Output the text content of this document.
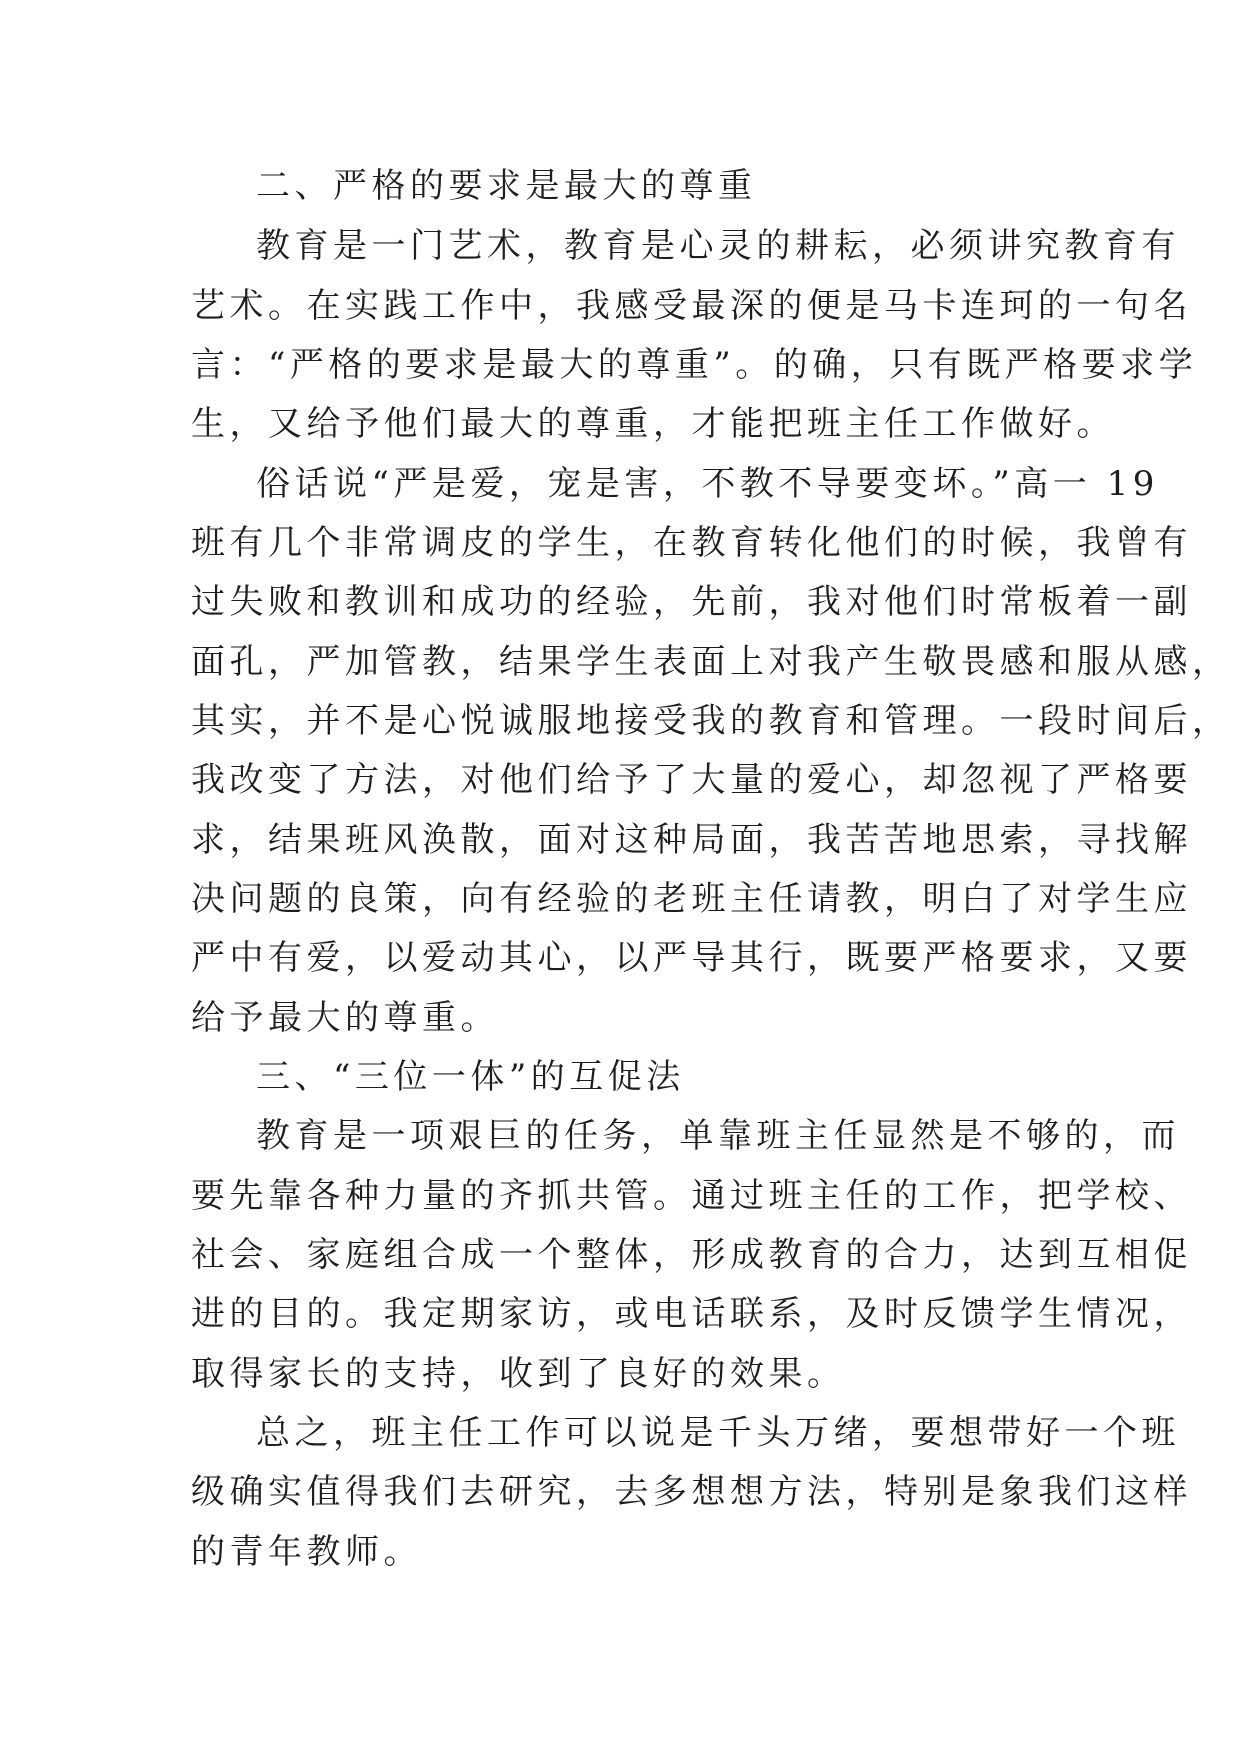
二、严格的要求是最大的尊重
教育是一门艺术，教育是心灵的耕耘，必须讲究教育有
艺术。在实践工作中，我感受最深的便是马卡连珂的一句名
言：“严格的要求是最大的尊重”。的确，只有既严格要求学
生，又给予他们最大的尊重，才能把班主任工作做好。
俗话说“严是爱，宠是害，不教不导要变坏。”高一 19
班有几个非常调皮的学生，在教育转化他们的时候，我曾有
过失败和教训和成功的经验，先前，我对他们时常板着一副
面孔，严加管教，结果学生表面上对我产生敬畏感和服从感，
其实，并不是心悦诚服地接受我的教育和管理。一段时间后，
我改变了方法，对他们给予了大量的爱心，却忽视了严格要
求，结果班风涣散，面对这种局面，我苦苦地思索，寻找解
决问题的良策，向有经验的老班主任请教，明白了对学生应
严中有爱，以爱动其心，以严导其行，既要严格要求，又要
给予最大的尊重。
三、“三位一体”的互促法
教育是一项艰巨的任务，单靠班主任显然是不够的，而
要先靠各种力量的齐抓共管。通过班主任的工作，把学校、
社会、家庭组合成一个整体，形成教育的合力，达到互相促
进的目的。我定期家访，或电话联系，及时反馈学生情况，
取得家长的支持，收到了良好的效果。
总之，班主任工作可以说是千头万绪，要想带好一个班
级确实值得我们去研究，去多想想方法，特别是象我们这样
的青年教师。
